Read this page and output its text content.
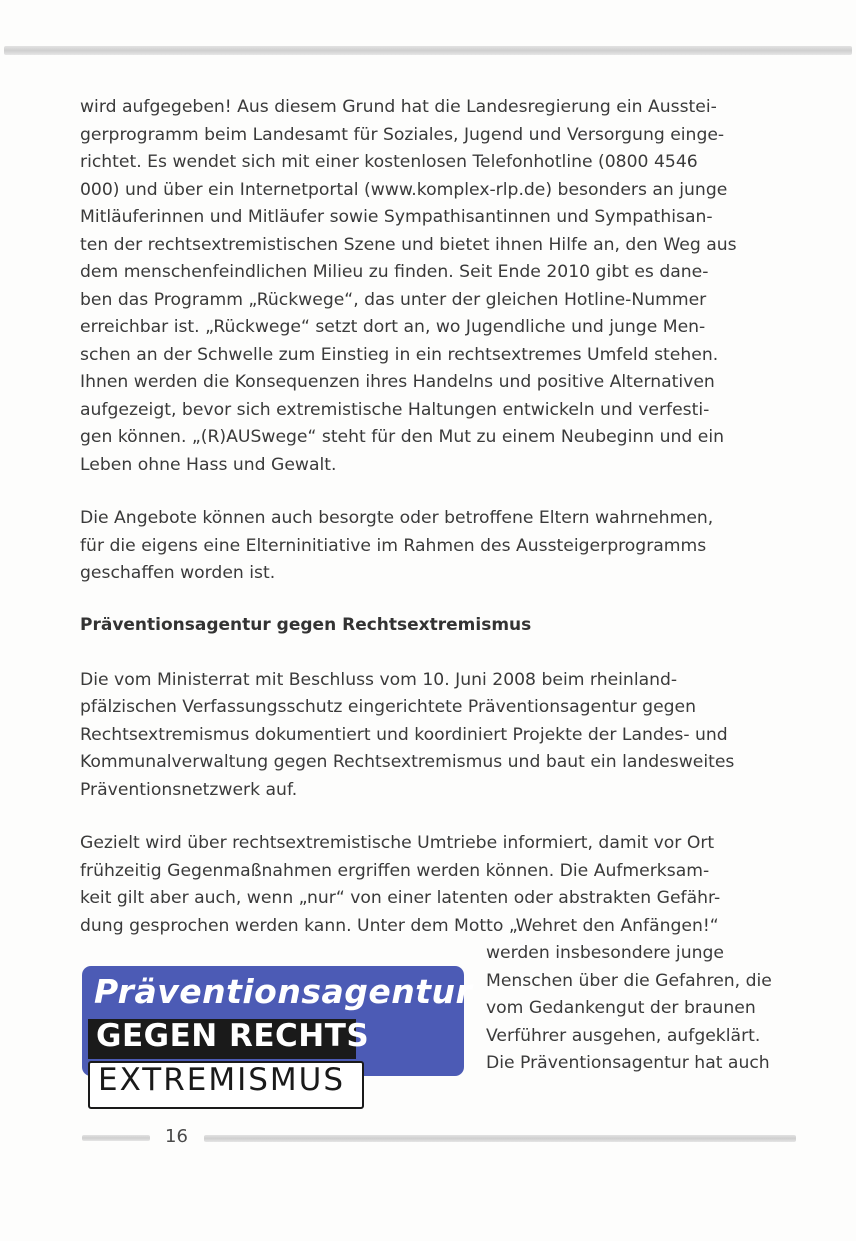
wird aufgegeben! Aus diesem Grund hat die Landesregierung ein Ausstei-
gerprogramm beim Landesamt für Soziales, Jugend und Versorgung einge-
richtet. Es wendet sich mit einer kostenlosen Telefonhotline (0800 4546
000) und über ein Internetportal (www.komplex-rlp.de) besonders an junge
Mitläuferinnen und Mitläufer sowie Sympathisantinnen und Sympathisan-
ten der rechtsextremistischen Szene und bietet ihnen Hilfe an, den Weg aus
dem menschenfeindlichen Milieu zu finden. Seit Ende 2010 gibt es dane-
ben das Programm „Rückwege“, das unter der gleichen Hotline-Nummer
erreichbar ist. „Rückwege“ setzt dort an, wo Jugendliche und junge Men-
schen an der Schwelle zum Einstieg in ein rechtsextremes Umfeld stehen.
Ihnen werden die Konsequenzen ihres Handelns und positive Alternativen
aufgezeigt, bevor sich extremistische Haltungen entwickeln und verfesti-
gen können. „(R)AUSwege“ steht für den Mut zu einem Neubeginn und ein
Leben ohne Hass und Gewalt.

Die Angebote können auch besorgte oder betroffene Eltern wahrnehmen,
für die eigens eine Elterninitiative im Rahmen des Aussteigerprogramms
geschaffen worden ist.

Präventionsagentur gegen Rechtsextremismus

Die vom Ministerrat mit Beschluss vom 10. Juni 2008 beim rheinland-
pfälzischen Verfassungsschutz eingerichtete Präventionsagentur gegen
Rechtsextremismus dokumentiert und koordiniert Projekte der Landes- und
Kommunalverwaltung gegen Rechtsextremismus und baut ein landesweites
Präventionsnetzwerk auf.

Gezielt wird über rechtsextremistische Umtriebe informiert, damit vor Ort
frühzeitig Gegenmaßnahmen ergriffen werden können. Die Aufmerksam-
keit gilt aber auch, wenn „nur“ von einer latenten oder abstrakten Gefähr-
dung gesprochen werden kann. Unter dem Motto „Wehret den Anfängen!“

Präventionsagentur
GEGEN RECHTS
EXTREMISMUS

werden insbesondere junge
Menschen über die Gefahren, die
vom Gedankengut der braunen
Verführer ausgehen, aufgeklärt.
Die Präventionsagentur hat auch

16
